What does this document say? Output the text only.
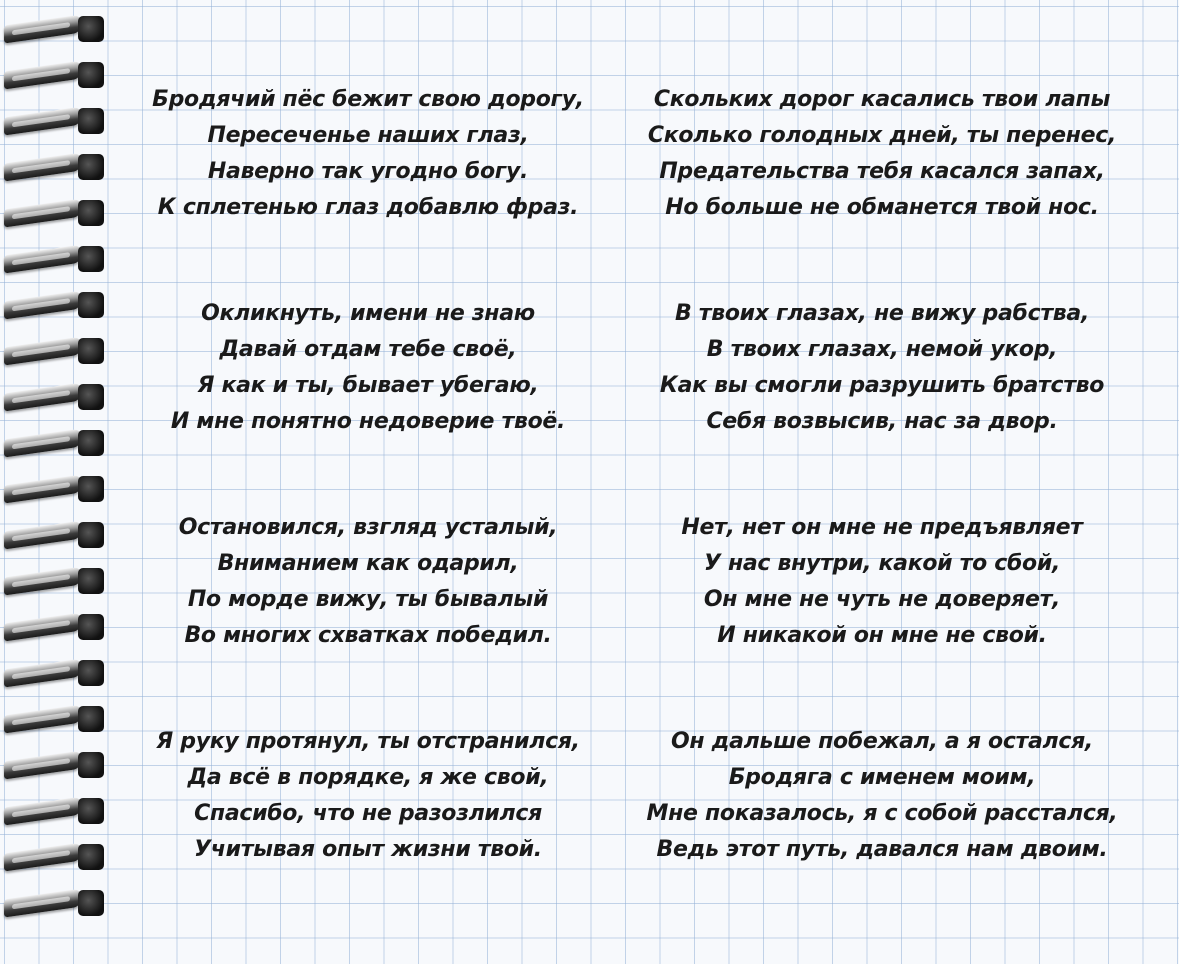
Бродячий пёс бежит свою дорогу,
Пересеченье наших глаз,
Наверно так угодно богу.
К сплетенью глаз добавлю фраз.
Окликнуть, имени не знаю
Давай отдам тебе своё,
Я как и ты, бывает убегаю,
И мне понятно недоверие твоё.
Остановился, взгляд усталый,
Вниманием как одарил,
По морде вижу, ты бывалый
Во многих схватках победил.
Я руку протянул, ты отстранился,
Да всё в порядке, я же свой,
Спасибо, что не разозлился
Учитывая опыт жизни твой.
Скольких дорог касались твои лапы
Сколько голодных дней, ты перенес,
Предательства тебя касался запах,
Но больше не обманется твой нос.
В твоих глазах, не вижу рабства,
В твоих глазах, немой укор,
Как вы смогли разрушить братство
Себя возвысив, нас за двор.
Нет, нет он мне не предъявляет
У нас внутри, какой то сбой,
Он мне не чуть не доверяет,
И никакой он мне не свой.
Он дальше побежал, а я остался,
Бродяга с именем моим,
Мне показалось, я с собой расстался,
Ведь этот путь, давался нам двоим.
